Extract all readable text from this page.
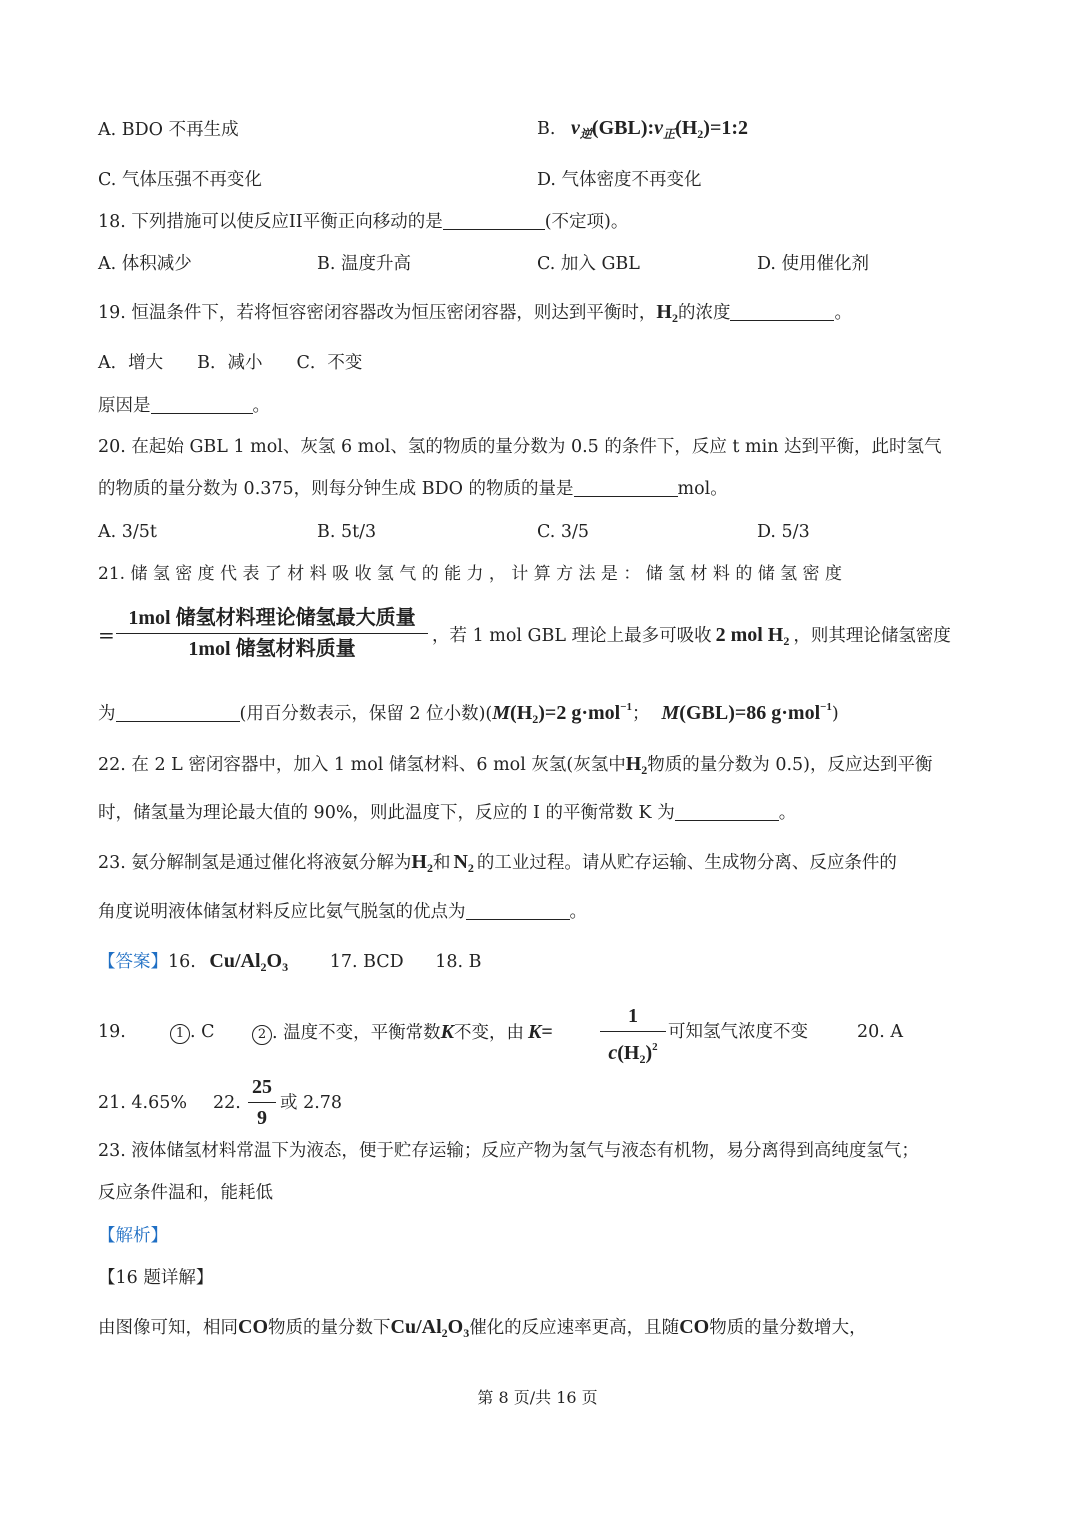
A. BDO 不再生成	B. $v_逆(GBL):v_正(H_2)=1:2$
C. 气体压强不再变化	D. 气体密度不再变化
18. 下列措施可以使反应II平衡正向移动的是	(不定项)。
A. 体积减少	B. 温度升高	C. 加入 GBL	D. 使用催化剂
19. 恒温条件下，若将恒容密闭容器改为恒压密闭容器，则达到平衡时，$H_2$的浓度	。
A．增大 B．减小 C．不变
原因是	。
20. 在起始 GBL 1 mol、灰氢 6 mol、氢的物质的量分数为 0.5 的条件下，反应 t min 达到平衡，此时氢气
的物质的量分数为 0.375，则每分钟生成 BDO 的物质的量是	mol。
A. 3/5t	B. 5t/3	C. 3/5	D. 5/3
21. 储 氢 密 度 代 表 了 材 料 吸 收 氢 气 的 能 力 ， 计 算 方 法 是 ： 储 氢 材 料 的 储 氢 密 度
=
1mol 储氢材料理论储氢最大质量
1mol 储氢材料质量
，若 1 mol GBL 理论上最多可吸收 2 mol $H_2$ ，则其理论储氢密度
为	(用百分数表示，保留 2 位小数)($M(H_2)=2$ g·mol$^{-1}$； M(GBL)=86 g·mol$^{-1}$)
22. 在 2 L 密闭容器中，加入 1 mol 储氢材料、6 mol 灰氢(灰氢中$H_2$物质的量分数为 0.5)，反应达到平衡
时，储氢量为理论最大值的 90%，则此温度下，反应的 I 的平衡常数 K 为	。
23. 氨分解制氢是通过催化将液氨分解为$H_2$和 $N_2$ 的工业过程。请从贮存运输、生成物分离、反应条件的
角度说明液体储氢材料反应比氨气脱氢的优点为	。
【答案】16. $Cu/Al_2O_3$ 17. BCD 18. B
19.	1 . C	2 . 温度不变，平衡常数K不变，由 K=
1
$c(H_2)^2$
可知氢气浓度不变	20. A
21. 4.65% 22.
25
9
或 2.78
23. 液体储氢材料常温下为液态，便于贮存运输；反应产物为氢气与液态有机物，易分离得到高纯度氢气；
反应条件温和，能耗低
【解析】
【16 题详解】
由图像可知，相同CO物质的量分数下$Cu/Al_2O_3$催化的反应速率更高，且随CO物质的量分数增大，
第 8 页/共 16 页
